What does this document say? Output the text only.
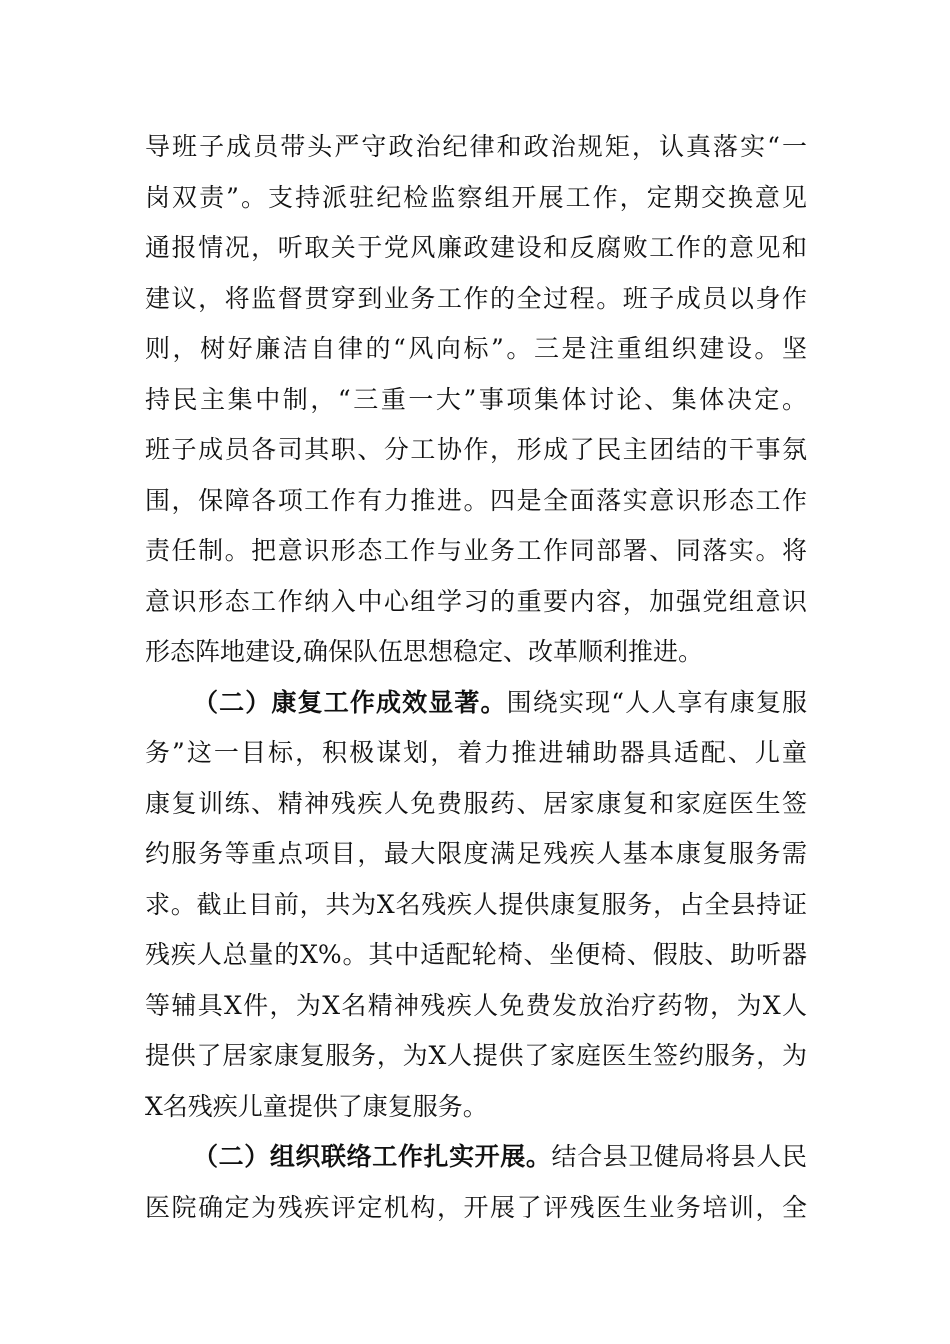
导班子成员带头严守政治纪律和政治规矩，认真落实“一
岗双责”。支持派驻纪检监察组开展工作，定期交换意见
通报情况，听取关于党风廉政建设和反腐败工作的意见和
建议，将监督贯穿到业务工作的全过程。班子成员以身作
则，树好廉洁自律的“风向标”。三是注重组织建设。坚
持民主集中制，“三重一大”事项集体讨论、集体决定。
班子成员各司其职、分工协作，形成了民主团结的干事氛
围，保障各项工作有力推进。四是全面落实意识形态工作
责任制。把意识形态工作与业务工作同部署、同落实。将
意识形态工作纳入中心组学习的重要内容，加强党组意识
形态阵地建设,确保队伍思想稳定、改革顺利推进。
（二）康复工作成效显著。围绕实现“人人享有康复服
务”这一目标，积极谋划，着力推进辅助器具适配、儿童
康复训练、精神残疾人免费服药、居家康复和家庭医生签
约服务等重点项目，最大限度满足残疾人基本康复服务需
求。截止目前，共为X名残疾人提供康复服务，占全县持证
残疾人总量的X%。其中适配轮椅、坐便椅、假肢、助听器
等辅具X件，为X名精神残疾人免费发放治疗药物，为X人
提供了居家康复服务，为X人提供了家庭医生签约服务，为
X名残疾儿童提供了康复服务。
（二）组织联络工作扎实开展。结合县卫健局将县人民
医院确定为残疾评定机构，开展了评残医生业务培训，全
